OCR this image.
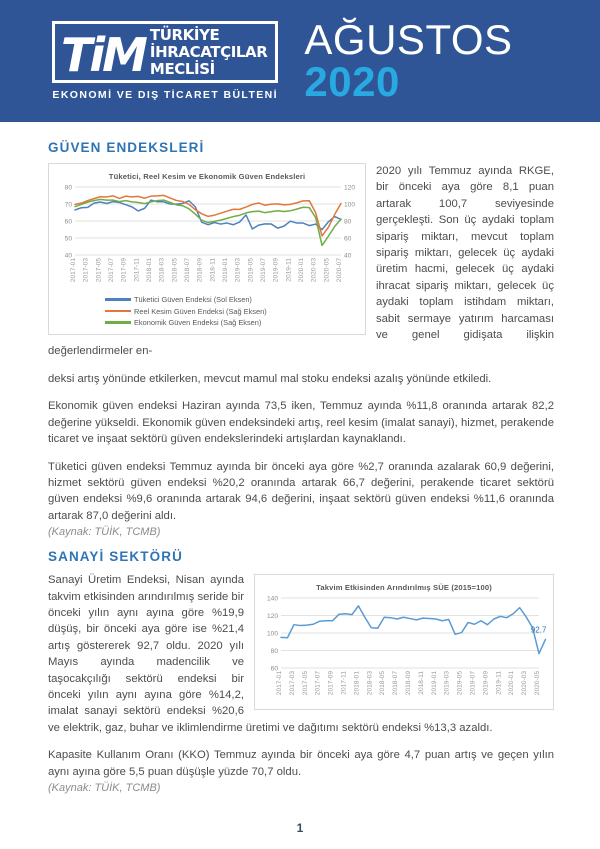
TiM TÜRKİYE
İHRACATÇILAR
MECLİSİ
EKONOMİ VE DIŞ TİCARET BÜLTENİ
AĞUSTOS
2020
GÜVEN ENDEKSLERİ
Tüketici, Reel Kesim ve Ekonomik Güven Endeksleri
40
50
60
70
80
40
60
80
100
120
2017-01 2017-03 2017-05 2017-07 2017-09 2017-11 2018-01 2018-03 2018-05 2018-07 2018-09 2018-11 2019-01 2019-03 2019-05 2019-07 2019-09 2019-11 2020-01 2020-03 2020-05 2020-07
Tüketici Güven Endeksi (Sol Eksen)
Reel Kesim Güven Endeksi (Sağ Eksen)
Ekonomik Güven Endeksi (Sağ Eksen)

2020 yılı Temmuz ayında RKGE, bir önceki aya göre 8,1 puan artarak 100,7 seviyesinde gerçekleşti. Son üç aydaki toplam sipariş miktarı, mevcut toplam sipariş miktarı, gelecek üç aydaki üretim hacmi, gelecek üç aydaki ihracat sipariş miktarı, gelecek üç aydaki toplam istihdam miktarı, sabit sermaye yatırım harcaması ve genel gidişata ilişkin değerlendirmeler en-

deksi artış yönünde etkilerken, mevcut mamul mal stoku endeksi azalış yönünde etkiledi.

Ekonomik güven endeksi Haziran ayında 73,5 iken, Temmuz ayında %11,8 oranında artarak 82,2 değerine yükseldi. Ekonomik güven endeksindeki artış, reel kesim (imalat sanayi), hizmet, perakende ticaret ve inşaat sektörü güven endekslerindeki artışlardan kaynaklandı.

Tüketici güven endeksi Temmuz ayında bir önceki aya göre %2,7 oranında azalarak 60,9 değerini, hizmet sektörü güven endeksi %20,2 oranında artarak 66,7 değerini, perakende ticaret sektörü güven endeksi %9,6 oranında artarak 94,6 değerini, inşaat sektörü güven endeksi %11,6 oranında artarak 87,0 değerini aldı.

(Kaynak: TÜİK, TCMB)

SANAYİ SEKTÖRÜ
Takvim Etkisinden Arındırılmış SÜE (2015=100)
60
80
100
120
140
92,7
2017-01 2017-03 2017-05 2017-07 2017-09 2017-11 2018-01 2018-03 2018-05 2018-07 2018-09 2018-11 2019-01 2019-03 2019-05 2019-07 2019-09 2019-11 2020-01 2020-03 2020-05

Sanayi Üretim Endeksi, Nisan ayında takvim etkisinden arındırılmış seride bir önceki yılın aynı ayına göre %19,9 düşüş, bir önceki aya göre ise %21,4 artış göstererek 92,7 oldu. 2020 yılı Mayıs ayında madencilik ve taşocakçılığı sektörü endeksi bir önceki yılın aynı ayına göre %14,2, imalat sanayi sektörü endeksi %20,6 ve elektrik, gaz, buhar ve iklimlendirme üretimi ve dağıtımı sektörü endeksi %13,3 azaldı.

Kapasite Kullanım Oranı (KKO) Temmuz ayında bir önceki aya göre 4,7 puan artış ve geçen yılın aynı ayına göre 5,5 puan düşüşle yüzde 70,7 oldu.

(Kaynak: TÜİK, TCMB)

1
